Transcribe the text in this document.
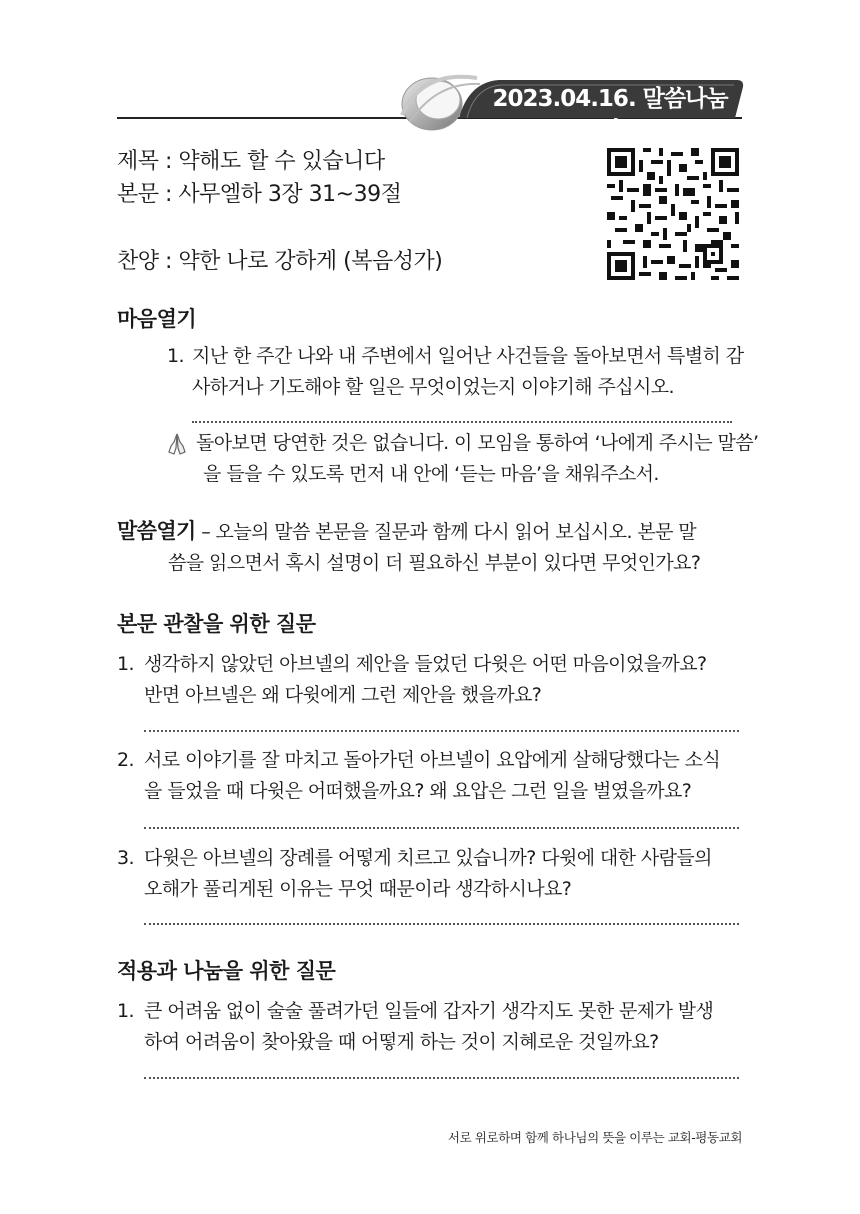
2023.04.16. 말씀나눔지
제목 : 약해도 할 수 있습니다
본문 : 사무엘하 3장 31~39절
찬양 : 약한 나로 강하게 (복음성가)
마음열기
1. 지난 한 주간 나와 내 주변에서 일어난 사건들을 돌아보면서 특별히 감
사하거나 기도해야 할 일은 무엇이었는지 이야기해 주십시오.
돌아보면 당연한 것은 없습니다. 이 모임을 통하여 ‘나에게 주시는 말씀’
을 들을 수 있도록 먼저 내 안에 ‘듣는 마음’을 채워주소서.
말씀열기 – 오늘의 말씀 본문을 질문과 함께 다시 읽어 보십시오. 본문 말
씀을 읽으면서 혹시 설명이 더 필요하신 부분이 있다면 무엇인가요?
본문 관찰을 위한 질문
1. 생각하지 않았던 아브넬의 제안을 들었던 다윗은 어떤 마음이었을까요?
반면 아브넬은 왜 다윗에게 그런 제안을 했을까요?
2. 서로 이야기를 잘 마치고 돌아가던 아브넬이 요압에게 살해당했다는 소식
을 들었을 때 다윗은 어떠했을까요? 왜 요압은 그런 일을 벌였을까요?
3. 다윗은 아브넬의 장례를 어떻게 치르고 있습니까? 다윗에 대한 사람들의
오해가 풀리게된 이유는 무엇 때문이라 생각하시나요?
적용과 나눔을 위한 질문
1. 큰 어려움 없이 술술 풀려가던 일들에 갑자기 생각지도 못한 문제가 발생
하여 어려움이 찾아왔을 때 어떻게 하는 것이 지혜로운 것일까요?
서로 위로하며 함께 하나님의 뜻을 이루는 교회-평동교회
